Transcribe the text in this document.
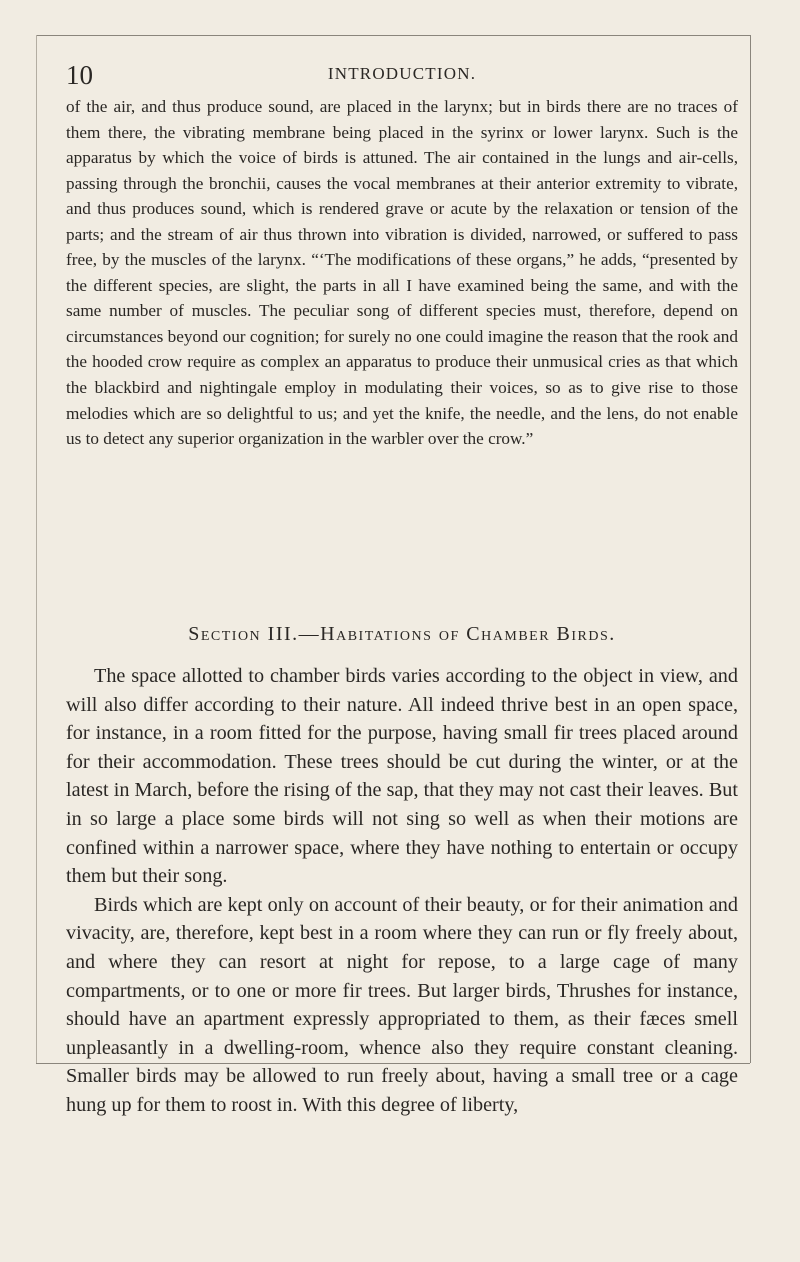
10	INTRODUCTION.

of the air, and thus produce sound, are placed in the larynx; but in birds there are no traces of them there, the vibrating membrane being placed in the syrinx or lower larynx. Such is the apparatus by which the voice of birds is attuned. The air contained in the lungs and air-cells, passing through the bronchii, causes the vocal membranes at their anterior extremity to vibrate, and thus produces sound, which is rendered grave or acute by the relaxation or tension of the parts; and the stream of air thus thrown into vibration is divided, narrowed, or suffered to pass free, by the muscles of the larynx. “‘The modifications of these organs,” he adds, “presented by the different species, are slight, the parts in all I have examined being the same, and with the same number of muscles. The peculiar song of different species must, therefore, depend on circumstances beyond our cognition; for surely no one could imagine the reason that the rook and the hooded crow require as complex an apparatus to produce their unmusical cries as that which the blackbird and nightingale employ in modulating their voices, so as to give rise to those melodies which are so delightful to us; and yet the knife, the needle, and the lens, do not enable us to detect any superior organization in the warbler over the crow.”

Section III.—Habitations of Chamber Birds.

The space allotted to chamber birds varies according to the object in view, and will also differ according to their nature. All indeed thrive best in an open space, for instance, in a room fitted for the purpose, having small fir trees placed around for their accommodation. These trees should be cut during the winter, or at the latest in March, before the rising of the sap, that they may not cast their leaves. But in so large a place some birds will not sing so well as when their motions are confined within a narrower space, where they have nothing to entertain or occupy them but their song.

Birds which are kept only on account of their beauty, or for their animation and vivacity, are, therefore, kept best in a room where they can run or fly freely about, and where they can resort at night for repose, to a large cage of many compartments, or to one or more fir trees. But larger birds, Thrushes for instance, should have an apartment expressly appropriated to them, as their fæces smell unpleasantly in a dwelling-room, whence also they require constant cleaning. Smaller birds may be allowed to run freely about, having a small tree or a cage hung up for them to roost in. With this degree of liberty,
